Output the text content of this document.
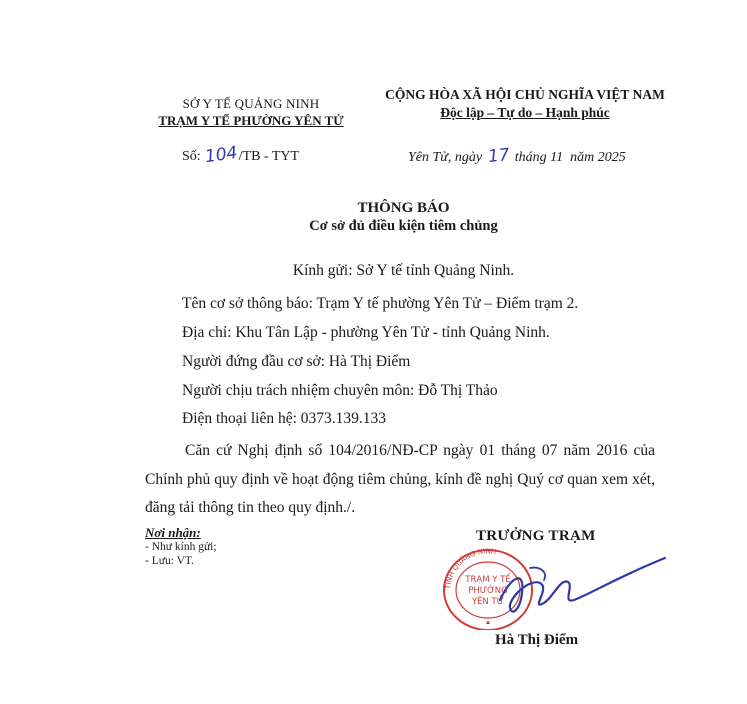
SỞ Y TẾ QUẢNG NINH
TRẠM Y TẾ PHƯỜNG YÊN TỬ
CỘNG HÒA XÃ HỘI CHỦ NGHĨA VIỆT NAM
Độc lập – Tự do – Hạnh phúc
Số: 104/TB - TYT	Yên Tử, ngày 17 tháng 11 năm 2025
THÔNG BÁO
Cơ sở đủ điều kiện tiêm chủng
Kính gửi: Sở Y tế tỉnh Quảng Ninh.
Tên cơ sở thông báo: Trạm Y tế phường Yên Tử – Điểm trạm 2.
Địa chỉ: Khu Tân Lập - phường Yên Tử - tỉnh Quảng Ninh.
Người đứng đầu cơ sở: Hà Thị Điểm
Người chịu trách nhiệm chuyên môn: Đỗ Thị Thảo
Điện thoại liên hệ: 0373.139.133
Căn cứ Nghị định số 104/2016/NĐ-CP ngày 01 tháng 07 năm 2016 của Chính phủ quy định về hoạt động tiêm chủng, kính đề nghị Quý cơ quan xem xét, đăng tải thông tin theo quy định./.
Nơi nhận:
- Như kính gửi;
- Lưu: VT.
TINH QUẢNG NINH
TRẠM Y TẾ
PHƯỜNG
YÊN TỬ
TRƯỞNG TRẠM
Hà Thị Điểm
